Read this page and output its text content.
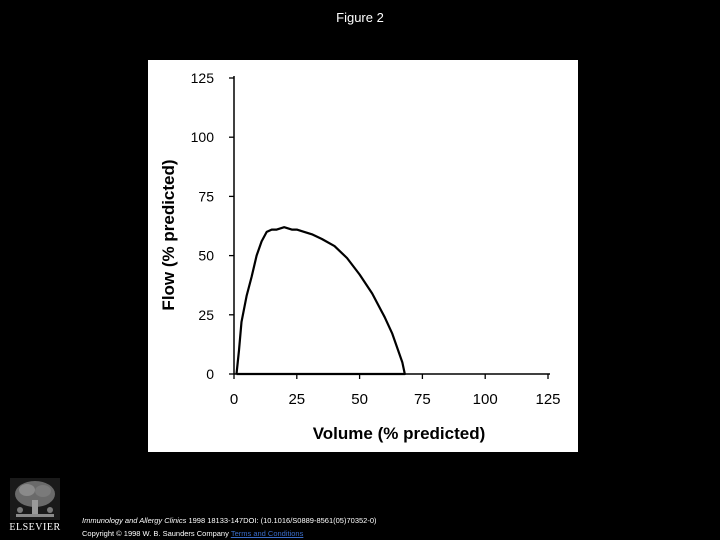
Figure 2
0
25
50
75
100
125
0	25	50	75	100	125
Volume (% predicted)
Flow (% predicted)
ELSEVIER
Immunology and Allergy Clinics 1998 18133-147DOI: (10.1016/S0889-8561(05)70352-0)
Copyright © 1998 W. B. Saunders Company Terms and Conditions
